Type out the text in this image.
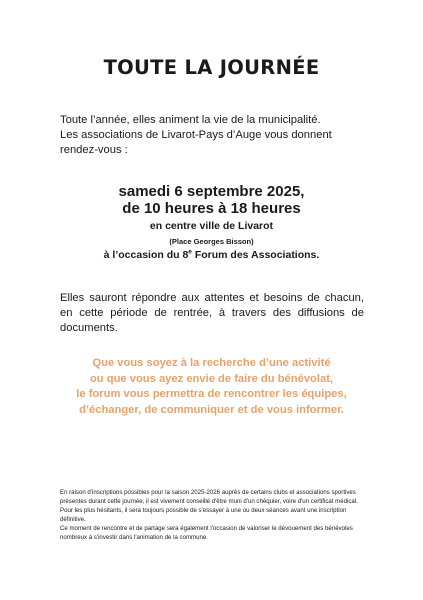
TOUTE LA JOURNÉE
Toute l’année, elles animent la vie de la municipalité.
Les associations de Livarot-Pays d’Auge vous donnent rendez-vous :
samedi 6 septembre 2025,
de 10 heures à 18 heures
en centre ville de Livarot
(Place Georges Bisson)
à l’occasion du 8e Forum des Associations.

Elles sauront répondre aux attentes et besoins de chacun, en cette période de rentrée, à travers des diffusions de documents.

Que vous soyez à la recherche d’une activité
ou que vous ayez envie de faire du bénévolat,
le forum vous permettra de rencontrer les équipes,
d’échanger, de communiquer et de vous informer.

En raison d'inscriptions possibles pour la saison 2025-2026 auprès de certains clubs et associations sportives présentes durant cette journée, il est vivement conseillé d'être muni d'un chéquier, voire d'un certificat médical. Pour les plus hésitants, il sera toujours possible de s'essayer à une ou deux séances avant une inscription définitive.

Ce moment de rencontre et de partage sera également l'occasion de valoriser le dévouement des bénévoles nombreux à s'investir dans l'animation de la commune.
